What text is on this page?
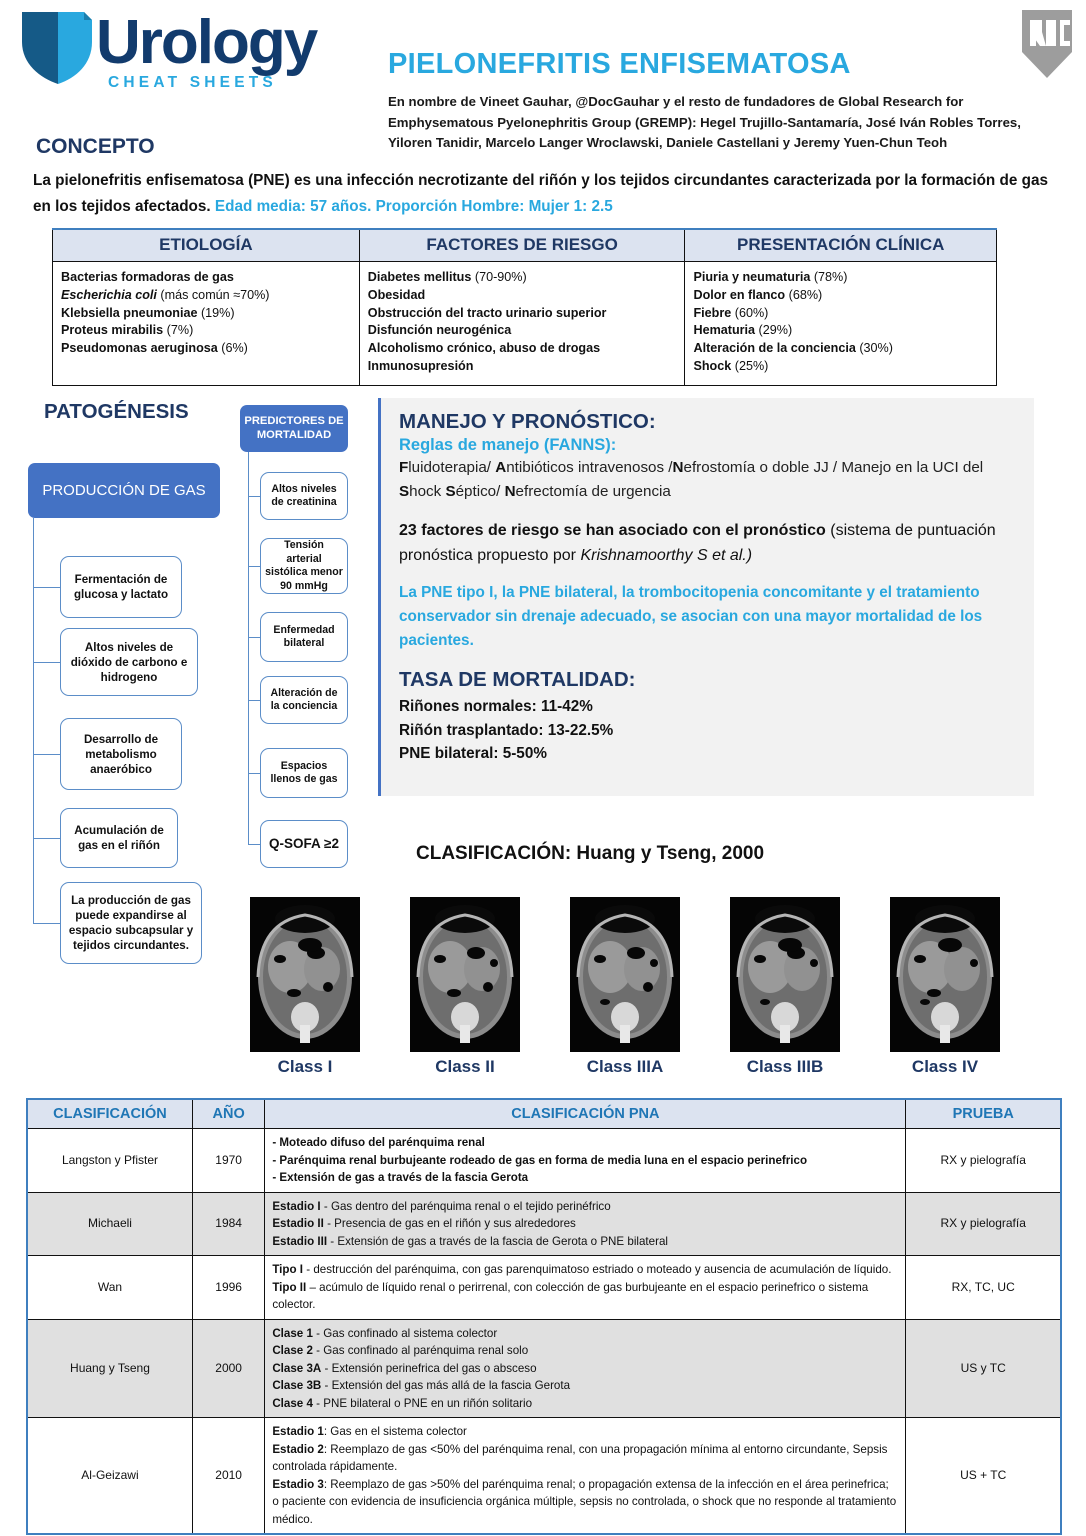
Urology
CHEAT SHEETS
PIELONEFRITIS ENFISEMATOSA
En nombre de Vineet Gauhar, @DocGauhar y el resto de fundadores de Global Research for
Emphysematous Pyelonephritis Group (GREMP): Hegel Trujillo-Santamaría, José Iván Robles Torres,
Yiloren Tanidir, Marcelo Langer Wroclawski, Daniele Castellani y Jeremy Yuen-Chun Teoh
CONCEPTO
La pielonefritis enfisematosa (PNE) es una infección necrotizante del riñón y los tejidos circundantes caracterizada por la formación de gas en los tejidos afectados. Edad media: 57 años. Proporción Hombre: Mujer 1: 2.5
ETIOLOGÍA	FACTORES DE RIESGO	PRESENTACIÓN CLÍNICA

Bacterias formadoras de gas
Escherichia coli (más común ≈70%)
Klebsiella pneumoniae (19%)
Proteus mirabilis (7%)
Pseudomonas aeruginosa (6%)

Diabetes mellitus (70-90%)
Obesidad
Obstrucción del tracto urinario superior
Disfunción neurogénica
Alcoholismo crónico, abuso de drogas
Inmunosupresión

Piuria y neumaturia (78%)
Dolor en flanco (68%)
Fiebre (60%)
Hematuria (29%)
Alteración de la conciencia (30%)
Shock (25%)
PATOGÉNESIS
PRODUCCIÓN DE GAS
Fermentación de glucosa y lactato
Altos niveles de dióxido de carbono e hidrogeno
Desarrollo de metabolismo anaeróbico
Acumulación de gas en el riñón
La producción de gas puede expandirse al espacio subcapsular y tejidos circundantes.
PREDICTORES DE MORTALIDAD
Altos niveles de creatinina
Tensión arterial sistólica menor 90 mmHg
Enfermedad bilateral
Alteración de la conciencia
Espacios llenos de gas
Q-SOFA ≥2
MANEJO Y PRONÓSTICO:
Reglas de manejo (FANNS):
Fluidoterapia/ Antibióticos intravenosos /Nefrostomía o doble JJ / Manejo en la UCI del Shock Séptico/ Nefrectomía de urgencia
23 factores de riesgo se han asociado con el pronóstico (sistema de puntuación pronóstica propuesto por Krishnamoorthy S et al.)
La PNE tipo I, la PNE bilateral, la trombocitopenia concomitante y el tratamiento conservador sin drenaje adecuado, se asocian con una mayor mortalidad de los pacientes.
TASA DE MORTALIDAD:
Riñones normales: 11-42%
Riñón trasplantado: 13-22.5%
PNE bilateral: 5-50%
CLASIFICACIÓN: Huang y Tseng, 2000
Class I	Class II	Class IIIA	Class IIIB	Class IV
CLASIFICACIÓN	AÑO	CLASIFICACIÓN PNA	PRUEBA
Langston y Pfister	1970	- Moteado difuso del parénquima renal
- Parénquima renal burbujeante rodeado de gas en forma de media luna en el espacio perinefrico
- Extensión de gas a través de la fascia Gerota	RX y pielografía
Michaeli	1984	Estadio I - Gas dentro del parénquima renal o el tejido perinéfrico
Estadio II - Presencia de gas en el riñón y sus alrededores
Estadio III - Extensión de gas a través de la fascia de Gerota o PNE bilateral	RX y pielografía
Wan	1996	Tipo I - destrucción del parénquima, con gas parenquimatoso estriado o moteado y ausencia de acumulación de líquido.
Tipo II – acúmulo de líquido renal o perirrenal, con colección de gas burbujeante en el espacio perinefrico o sistema colector.	RX, TC, UC
Huang y Tseng	2000	Clase 1 - Gas confinado al sistema colector
Clase 2 - Gas confinado al parénquima renal solo
Clase 3A - Extensión perinefrica del gas o absceso
Clase 3B - Extensión del gas más allá de la fascia Gerota
Clase 4 - PNE bilateral o PNE en un riñón solitario	US y TC
Al-Geizawi	2010	Estadio 1: Gas en el sistema colector
Estadio 2: Reemplazo de gas <50% del parénquima renal, con una propagación mínima al entorno circundante, Sepsis controlada rápidamente.
Estadio 3: Reemplazo de gas >50% del parénquima renal; o propagación extensa de la infección en el área perinefrica; o paciente con evidencia de insuficiencia orgánica múltiple, sepsis no controlada, o shock que no responde al tratamiento médico.	US + TC
